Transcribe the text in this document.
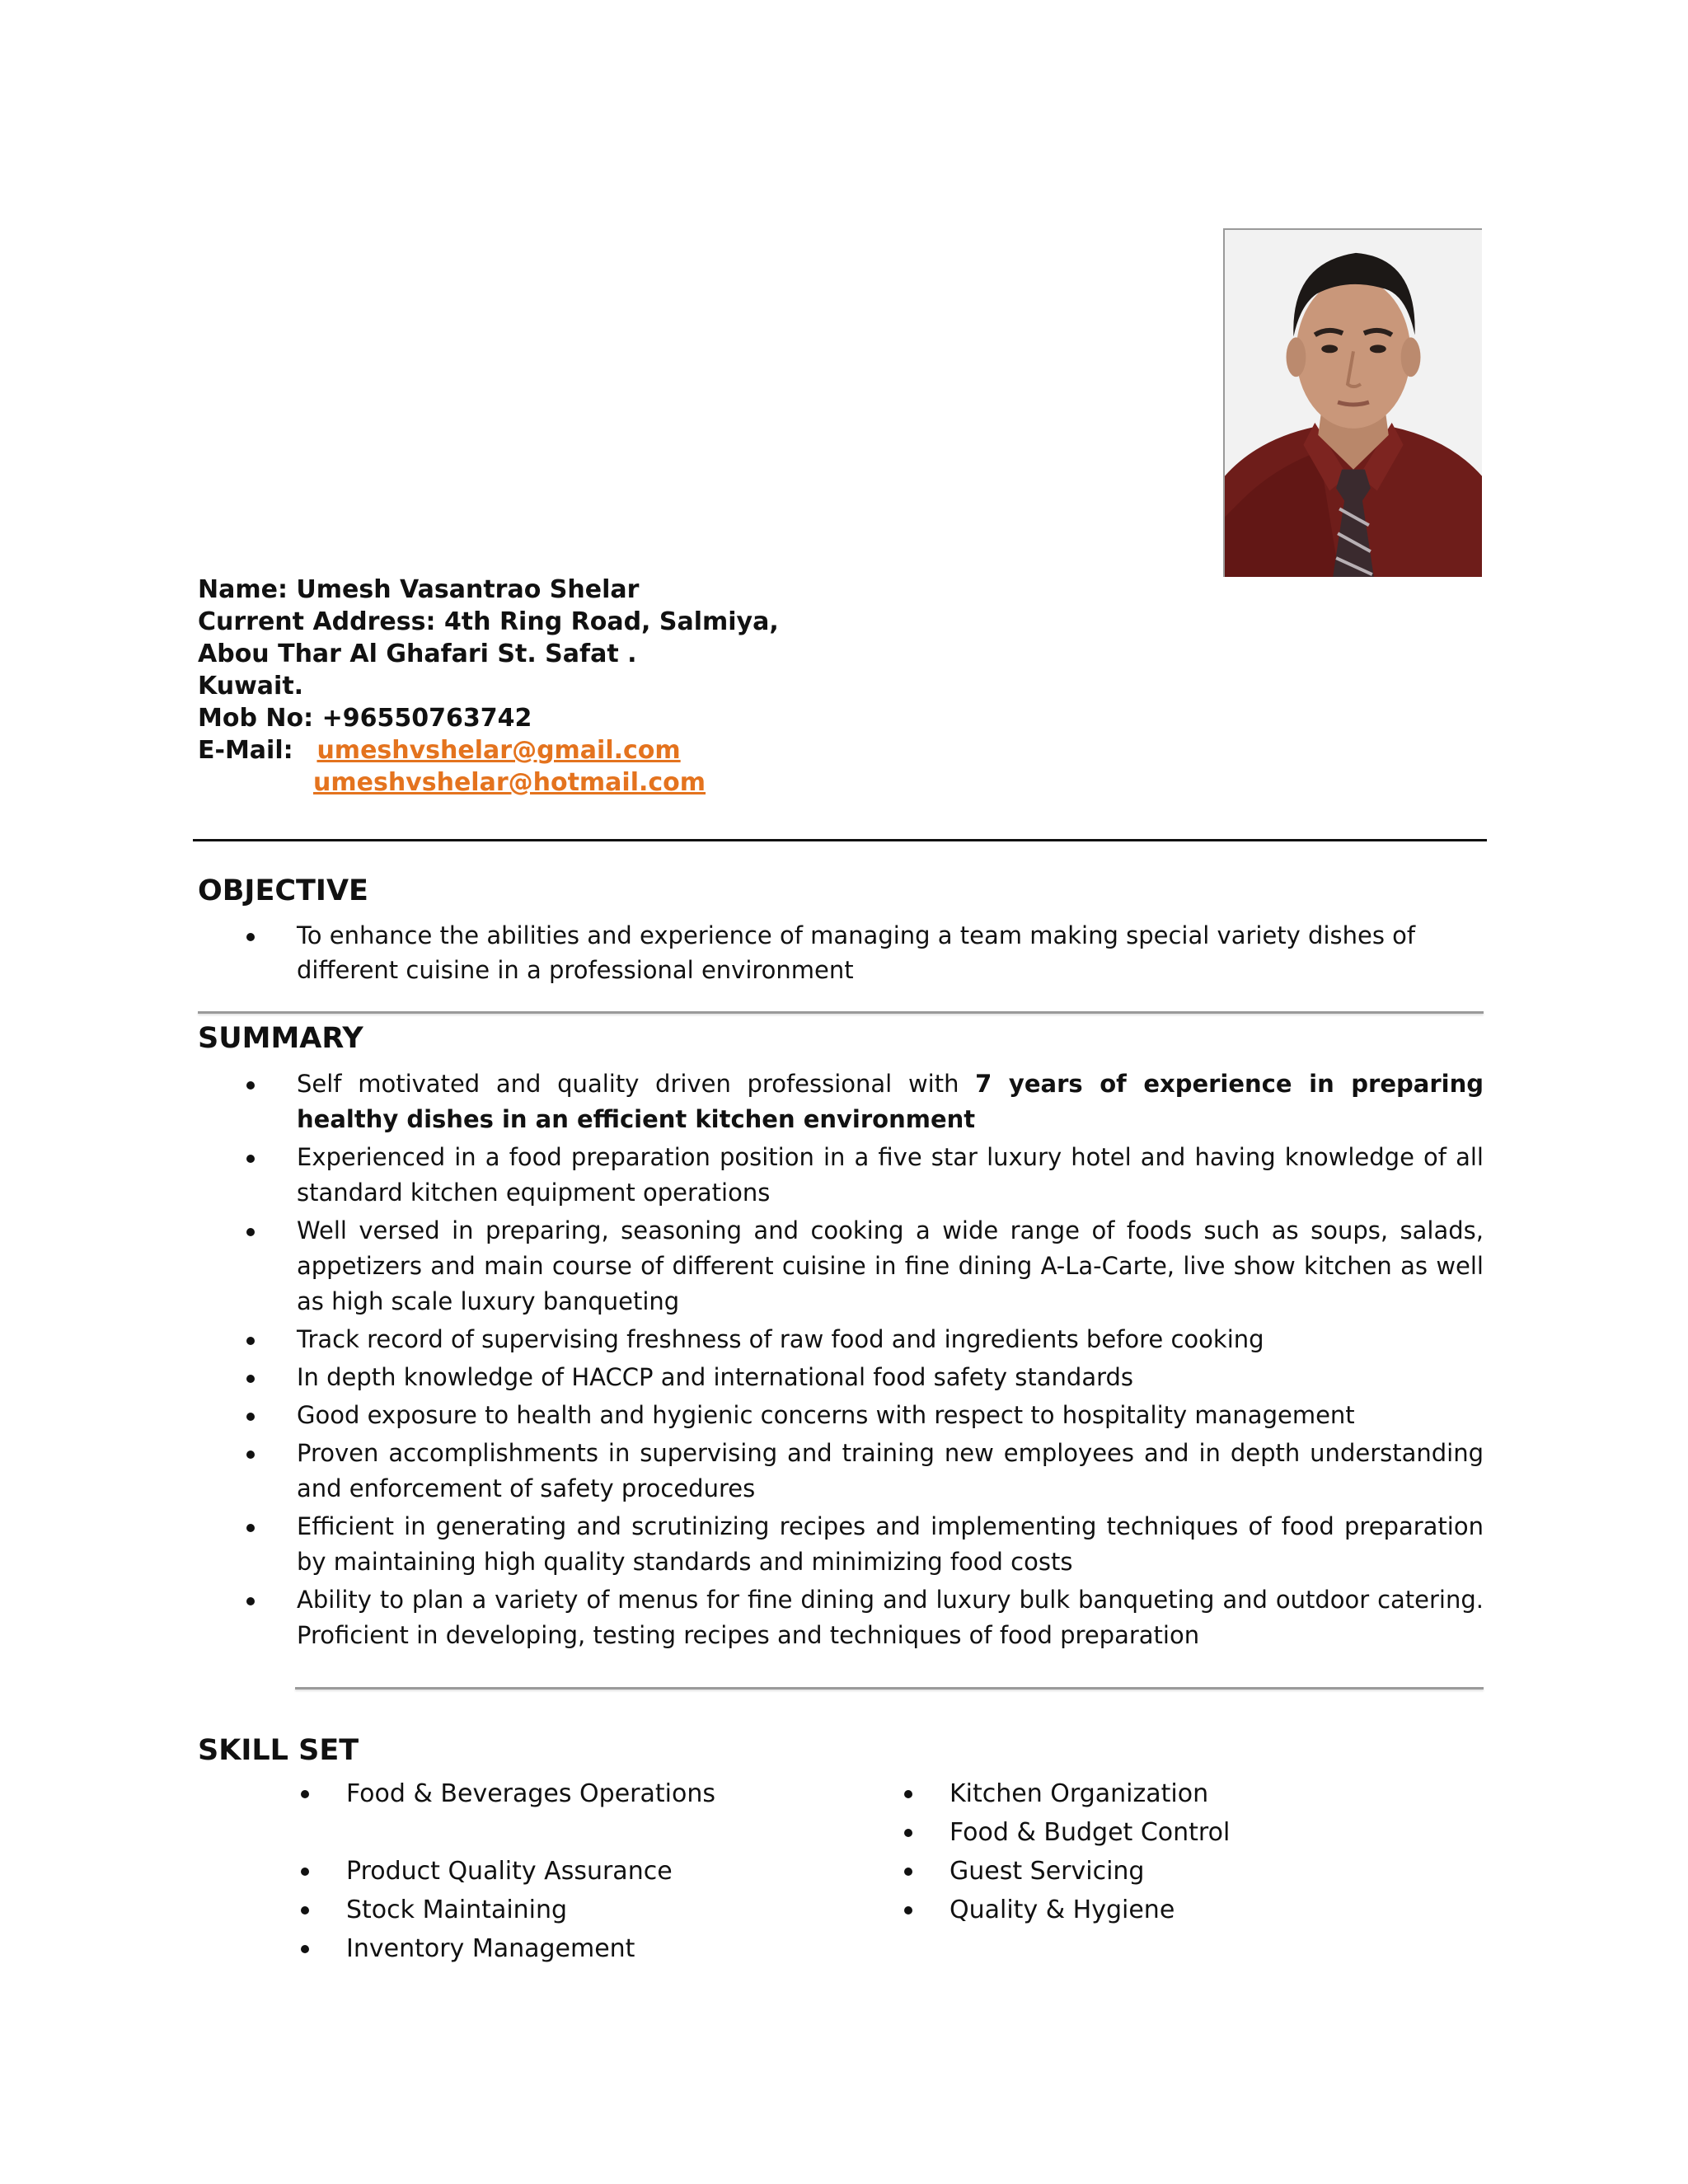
Name: Umesh Vasantrao Shelar
Current Address: 4th Ring Road, Salmiya,
Abou Thar Al Ghafari St. Safat .
Kuwait.
Mob No: +96550763742
E-Mail: umeshvshelar@gmail.com
umeshvshelar@hotmail.com
OBJECTIVE
To enhance the abilities and experience of managing a team making special variety dishes of different cuisine in a professional environment
SUMMARY
Self motivated and quality driven professional with 7 years of experience in preparing healthy dishes in an efficient kitchen environment
Experienced in a food preparation position in a five star luxury hotel and having knowledge of all standard kitchen equipment operations
Well versed in preparing, seasoning and cooking a wide range of foods such as soups, salads, appetizers and main course of different cuisine in fine dining A-La-Carte, live show kitchen as well as high scale luxury banqueting
Track record of supervising freshness of raw food and ingredients before cooking
In depth knowledge of HACCP and international food safety standards
Good exposure to health and hygienic concerns with respect to hospitality management
Proven accomplishments in supervising and training new employees and in depth understanding and enforcement of safety procedures
Efficient in generating and scrutinizing recipes and implementing techniques of food preparation by maintaining high quality standards and minimizing food costs
Ability to plan a variety of menus for fine dining and luxury bulk banqueting and outdoor catering. Proficient in developing, testing recipes and techniques of food preparation
SKILL SET
Food & Beverages Operations
Product Quality Assurance
Stock Maintaining
Inventory Management
Kitchen Organization
Food & Budget Control
Guest Servicing
Quality & Hygiene
